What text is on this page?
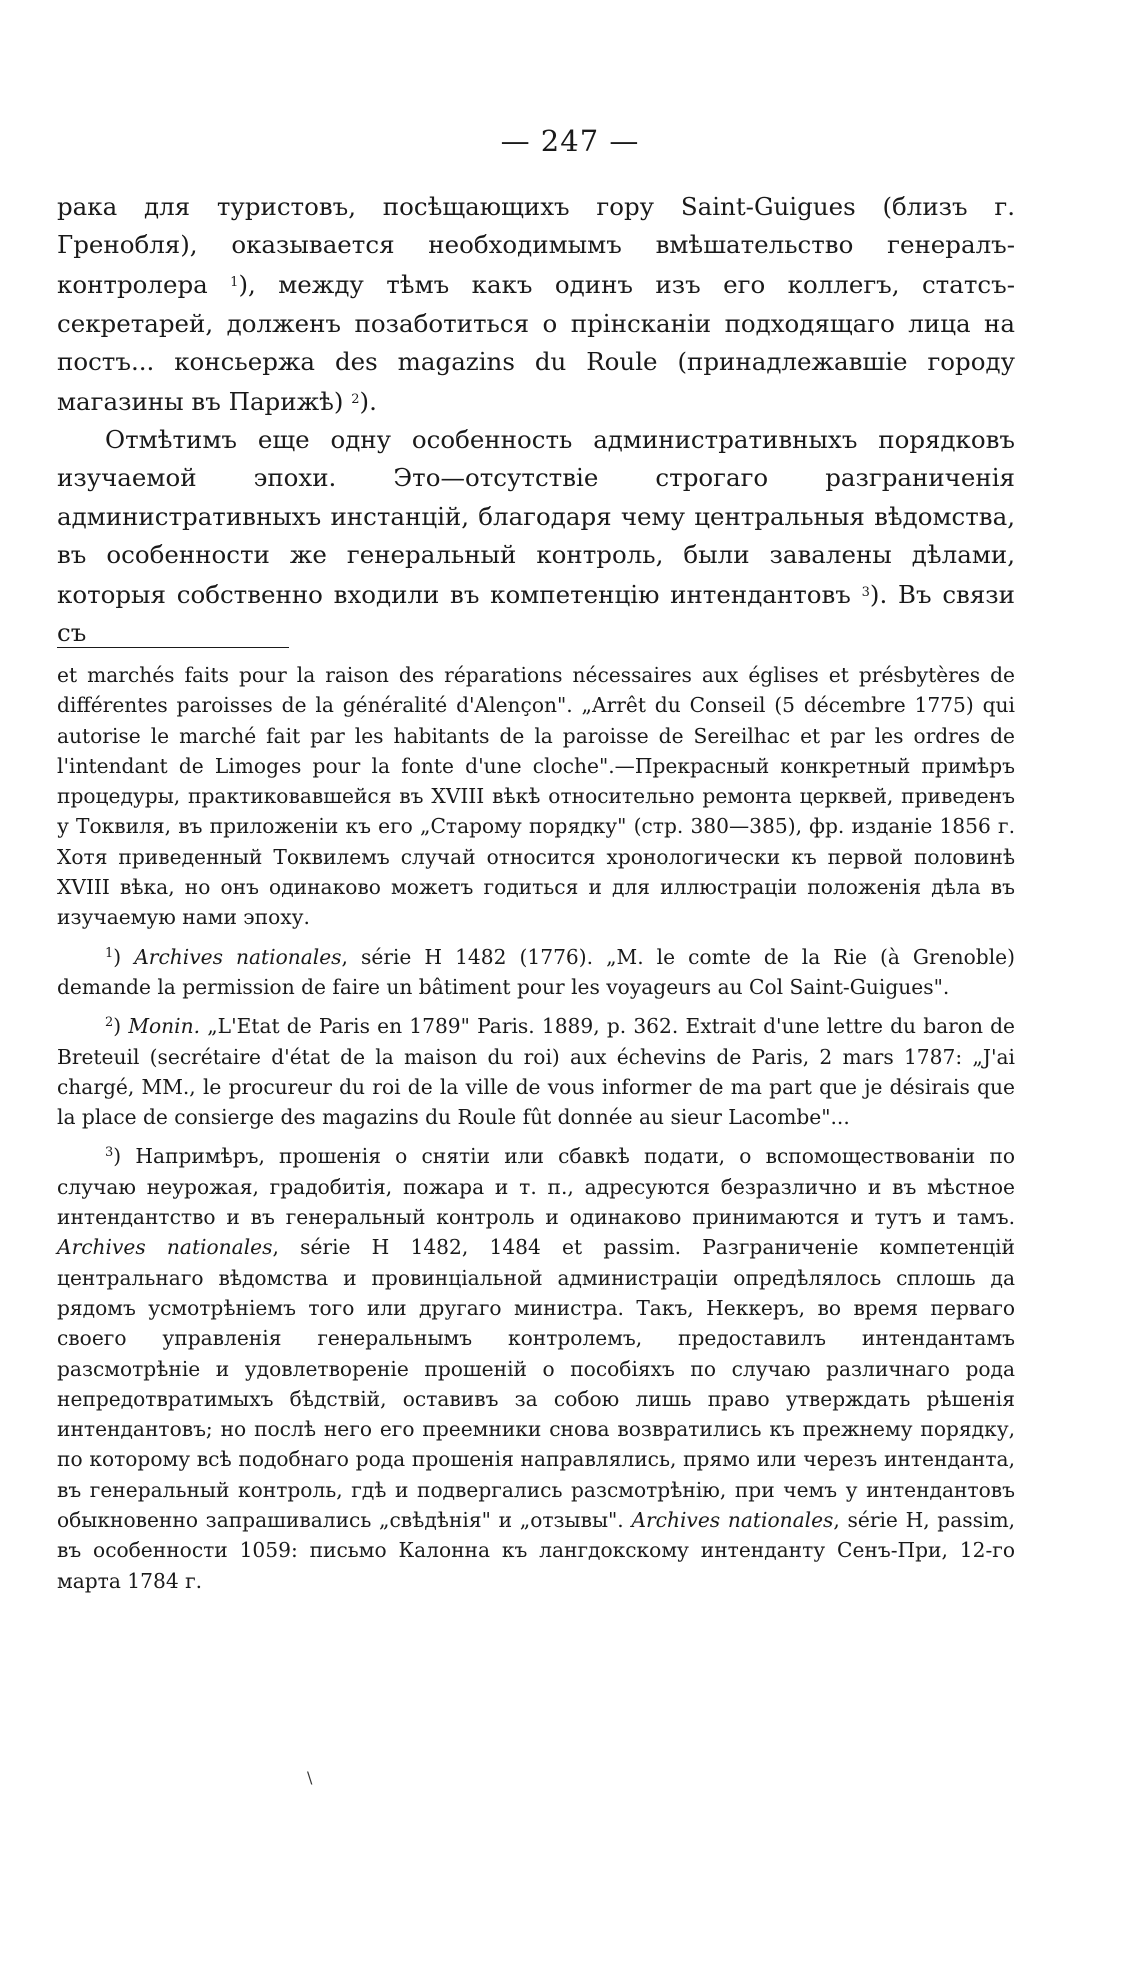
— 247 —

рака для туристовъ, посѣщающихъ гору Saint-Guigues (близъ г. Гренобля), оказывается необходимымъ вмѣшательство генералъ-контролера $^1$), между тѣмъ какъ одинъ изъ его коллегъ, статсъ-секретарей, долженъ позаботиться о прінсканіи подходящаго лица на постъ... консьержа des magazins du Roule (принадлежавшіе городу магазины въ Парижѣ) $^2$).

Отмѣтимъ еще одну особенность административныхъ порядковъ изучаемой эпохи. Это—отсутствіе строгаго разграниченія административныхъ инстанцій, благодаря чему центральныя вѣдомства, въ особенности же генеральный контроль, были завалены дѣлами, которыя собственно входили въ компетенцію интендантовъ $^3$). Въ связи съ

et marchés faits pour la raison des réparations nécessaires aux églises et présbytères de différentes paroisses de la généralité d'Alençon". „Arrêt du Conseil (5 décembre 1775) qui autorise le marché fait par les habitants de la paroisse de Sereilhac et par les ordres de l'intendant de Limoges pour la fonte d'une cloche".—Прекрасный конкретный примѣръ процедуры, практиковавшейся въ XVIII вѣкѣ относительно ремонта церквей, приведенъ у Токвиля, въ приложеніи къ его „Старому порядку" (стр. 380—385), фр. изданіе 1856 г. Хотя приведенный Токвилемъ случай относится хронологически къ первой половинѣ XVIII вѣка, но онъ одинаково можетъ годиться и для иллюстраціи положенія дѣла въ изучаемую нами эпоху.

$^1$) Archives nationales, série H 1482 (1776). „M. le comte de la Rie (à Grenoble) demande la permission de faire un bâtiment pour les voyageurs au Col Saint-Guigues".

$^2$) Monin. „L'Etat de Paris en 1789" Paris. 1889, p. 362. Extrait d'une lettre du baron de Breteuil (secrétaire d'état de la maison du roi) aux échevins de Paris, 2 mars 1787: „J'ai chargé, MM., le procureur du roi de la ville de vous informer de ma part que je désirais que la place de consierge des magazins du Roule fût donnée au sieur Lacombe"...

$^3$) Напримѣръ, прошенія о снятіи или сбавкѣ подати, о вспомоществованіи по случаю неурожая, градобитія, пожара и т. п., адресуются безразлично и въ мѣстное интендантство и въ генеральный контроль и одинаково принимаются и тутъ и тамъ. Archives nationales, série H 1482, 1484 et passim. Разграниченіе компетенцій центральнаго вѣдомства и провинціальной администраціи опредѣлялось сплошь да рядомъ усмотрѣніемъ того или другаго министра. Такъ, Неккеръ, во время перваго своего управленія генеральнымъ контролемъ, предоставилъ интендантамъ разсмотрѣніе и удовлетвореніе прошеній о пособіяхъ по случаю различнаго рода непредотвратимыхъ бѣдствій, оставивъ за собою лишь право утверждать рѣшенія интендантовъ; но послѣ него его преемники снова возвратились къ прежнему порядку, по которому всѣ подобнаго рода прошенія направлялись, прямо или черезъ интенданта, въ генеральный контроль, гдѣ и подвергались разсмотрѣнію, при чемъ у интендантовъ обыкновенно запрашивались „свѣдѣнія" и „отзывы". Archives nationales, série H, passim, въ особенности 1059: письмо Калонна къ лангдокскому интенданту Сенъ-При, 12-го марта 1784 г.

\
